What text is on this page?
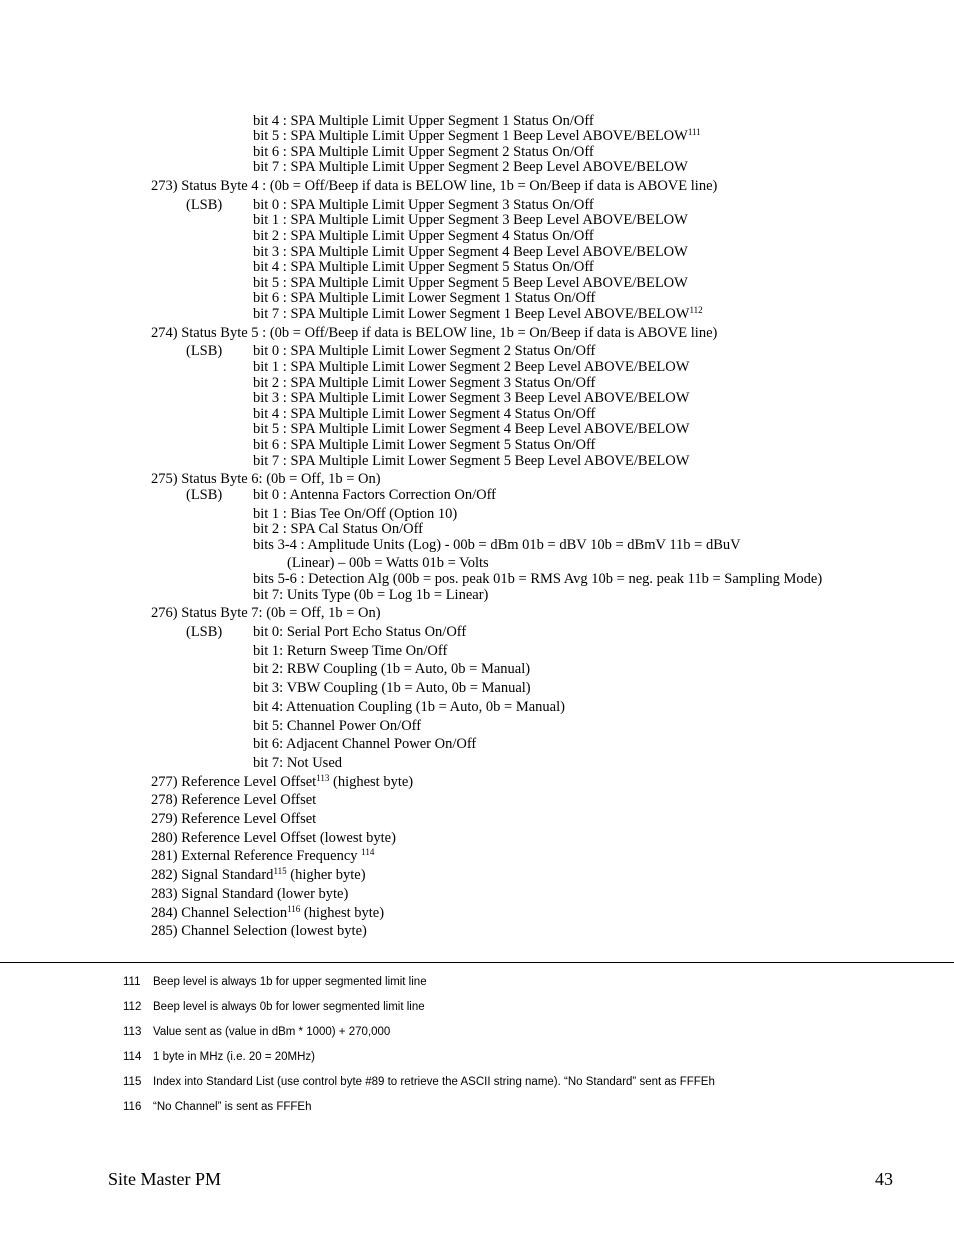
bit 4 : SPA Multiple Limit Upper Segment 1 Status On/Off
bit 5 : SPA Multiple Limit Upper Segment 1 Beep Level ABOVE/BELOW$^{111}$
bit 6 : SPA Multiple Limit Upper Segment 2 Status On/Off
bit 7 : SPA Multiple Limit Upper Segment 2 Beep Level ABOVE/BELOW
273) Status Byte 4 : (0b = Off/Beep if data is BELOW line, 1b = On/Beep if data is ABOVE line)
(LSB) bit 0 : SPA Multiple Limit Upper Segment 3 Status On/Off
bit 1 : SPA Multiple Limit Upper Segment 3 Beep Level ABOVE/BELOW
bit 2 : SPA Multiple Limit Upper Segment 4 Status On/Off
bit 3 : SPA Multiple Limit Upper Segment 4 Beep Level ABOVE/BELOW
bit 4 : SPA Multiple Limit Upper Segment 5 Status On/Off
bit 5 : SPA Multiple Limit Upper Segment 5 Beep Level ABOVE/BELOW
bit 6 : SPA Multiple Limit Lower Segment 1 Status On/Off
bit 7 : SPA Multiple Limit Lower Segment 1 Beep Level ABOVE/BELOW$^{112}$
274) Status Byte 5 : (0b = Off/Beep if data is BELOW line, 1b = On/Beep if data is ABOVE line)
(LSB) bit 0 : SPA Multiple Limit Lower Segment 2 Status On/Off
bit 1 : SPA Multiple Limit Lower Segment 2 Beep Level ABOVE/BELOW
bit 2 : SPA Multiple Limit Lower Segment 3 Status On/Off
bit 3 : SPA Multiple Limit Lower Segment 3 Beep Level ABOVE/BELOW
bit 4 : SPA Multiple Limit Lower Segment 4 Status On/Off
bit 5 : SPA Multiple Limit Lower Segment 4 Beep Level ABOVE/BELOW
bit 6 : SPA Multiple Limit Lower Segment 5 Status On/Off
bit 7 : SPA Multiple Limit Lower Segment 5 Beep Level ABOVE/BELOW
275) Status Byte 6: (0b = Off, 1b = On)
(LSB) bit 0 : Antenna Factors Correction On/Off
bit 1 : Bias Tee On/Off (Option 10)
bit 2 : SPA Cal Status On/Off
bits 3-4 : Amplitude Units (Log) - 00b = dBm 01b = dBV 10b = dBmV 11b = dBuV
(Linear) – 00b = Watts 01b = Volts
bits 5-6 : Detection Alg (00b = pos. peak 01b = RMS Avg 10b = neg. peak 11b = Sampling Mode)
bit 7: Units Type (0b = Log 1b = Linear)
276) Status Byte 7: (0b = Off, 1b = On)
(LSB) bit 0: Serial Port Echo Status On/Off
bit 1: Return Sweep Time On/Off
bit 2: RBW Coupling (1b = Auto, 0b = Manual)
bit 3: VBW Coupling (1b = Auto, 0b = Manual)
bit 4: Attenuation Coupling (1b = Auto, 0b = Manual)
bit 5: Channel Power On/Off
bit 6: Adjacent Channel Power On/Off
bit 7: Not Used
277) Reference Level Offset$^{113}$ (highest byte)
278) Reference Level Offset
279) Reference Level Offset
280) Reference Level Offset (lowest byte)
281) External Reference Frequency $^{114}$
282) Signal Standard$^{115}$ (higher byte)
283) Signal Standard (lower byte)
284) Channel Selection$^{116}$ (highest byte)
285) Channel Selection (lowest byte)
111 Beep level is always 1b for upper segmented limit line
112 Beep level is always 0b for lower segmented limit line
113 Value sent as (value in dBm * 1000) + 270,000
114 1 byte in MHz (i.e. 20 = 20MHz)
115 Index into Standard List (use control byte #89 to retrieve the ASCII string name). “No Standard” sent as FFFEh
116 “No Channel” is sent as FFFEh
Site Master PM	43
